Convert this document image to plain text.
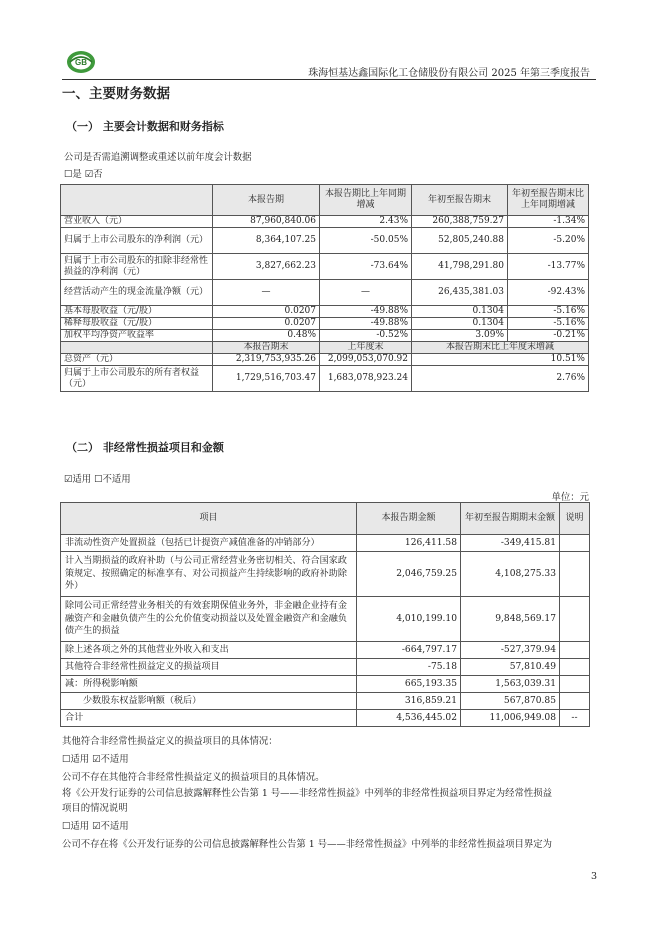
GB
珠海恒基达鑫国际化工仓储股份有限公司 2025 年第三季度报告
一、主要财务数据
（一） 主要会计数据和财务指标
公司是否需追溯调整或重述以前年度会计数据
☐是 ☑否
	本报告期	本报告期比上年同期增减	年初至报告期末	年初至报告期末比上年同期增减
营业收入（元）	87,960,840.06	2.43%	260,388,759.27	-1.34%
归属于上市公司股东的净利润（元）	8,364,107.25	-50.05%	52,805,240.88	-5.20%
归属于上市公司股东的扣除非经常性损益的净利润（元）	3,827,662.23	-73.64%	41,798,291.80	-13.77%
经营活动产生的现金流量净额（元）	—	—	26,435,381.03	-92.43%
基本每股收益（元/股）	0.0207	-49.88%	0.1304	-5.16%
稀释每股收益（元/股）	0.0207	-49.88%	0.1304	-5.16%
加权平均净资产收益率	0.48%	-0.52%	3.09%	-0.21%
	本报告期末	上年度末	本报告期末比上年度末增减	
总资产（元）	2,319,753,935.26	2,099,053,070.92	10.51%	
归属于上市公司股东的所有者权益（元）	1,729,516,703.47	1,683,078,923.24	2.76%	
（二） 非经常性损益项目和金额
☑适用 ☐不适用
单位：元
项目	本报告期金额	年初至报告期期末金额	说明
非流动性资产处置损益（包括已计提资产减值准备的冲销部分）	126,411.58	-349,415.81	
计入当期损益的政府补助（与公司正常经营业务密切相关、符合国家政策规定、按照确定的标准享有、对公司损益产生持续影响的政府补助除外）	2,046,759.25	4,108,275.33	
除同公司正常经营业务相关的有效套期保值业务外，非金融企业持有金融资产和金融负债产生的公允价值变动损益以及处置金融资产和金融负债产生的损益	4,010,199.10	9,848,569.17	
除上述各项之外的其他营业外收入和支出	-664,797.17	-527,379.94	
其他符合非经常性损益定义的损益项目	-75.18	57,810.49	
减：所得税影响额	665,193.35	1,563,039.31	
少数股东权益影响额（税后）	316,859.21	567,870.85	
合计	4,536,445.02	11,006,949.08	--
其他符合非经常性损益定义的损益项目的具体情况：
☐适用 ☑不适用
公司不存在其他符合非经常性损益定义的损益项目的具体情况。
将《公开发行证券的公司信息披露解释性公告第 1 号——非经常性损益》中列举的非经常性损益项目界定为经常性损益
项目的情况说明
☐适用 ☑不适用
公司不存在将《公开发行证券的公司信息披露解释性公告第 1 号——非经常性损益》中列举的非经常性损益项目界定为
3
